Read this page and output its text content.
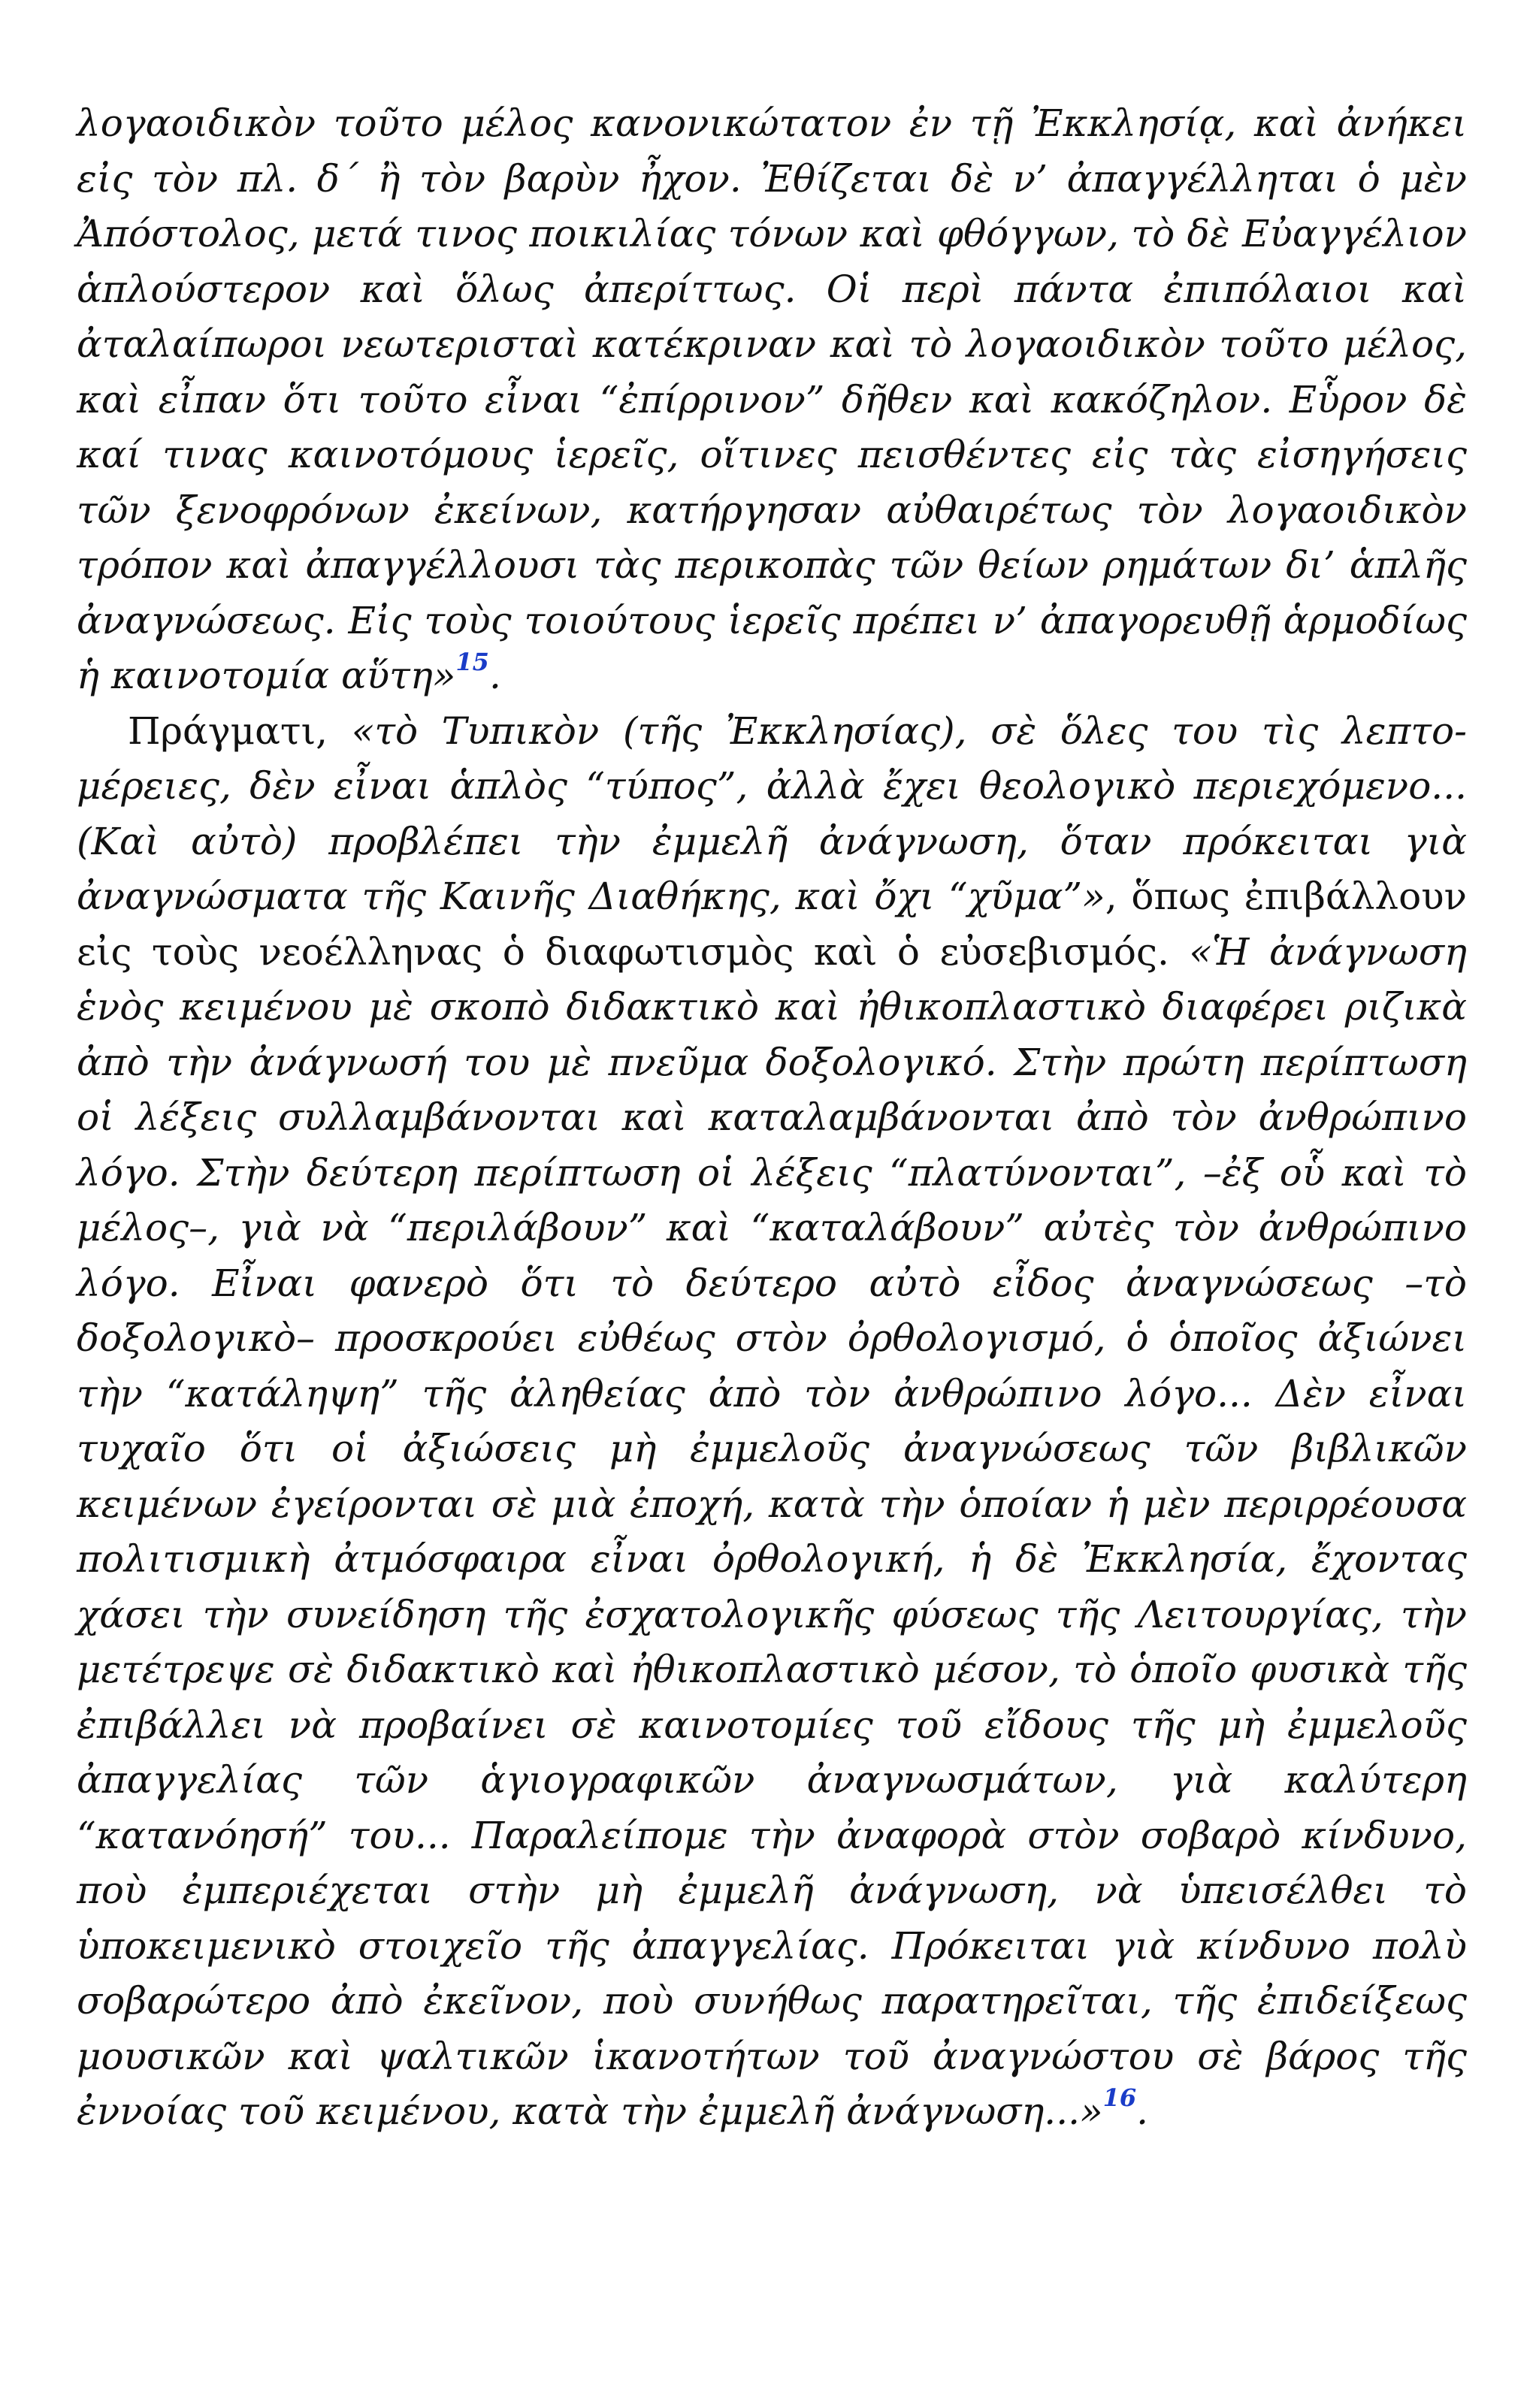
λογαοιδικὸν τοῦτο μέλος κανονικώτατον ἐν τῇ Ἐκκλησίᾳ, καὶ ἀνήκει εἰς τὸν πλ. δ΄ ἢ τὸν βαρὺν ἦχον. Ἐθίζεται δὲ ν’ ἀπαγγέλληται ὁ μὲν Ἀπόστολος, μετά τινος ποικιλίας τόνων καὶ φθόγγων, τὸ δὲ Εὐαγγέλιον ἁπλούστερον καὶ ὅλως ἀπερίττως. Οἱ περὶ πάντα ἐπιπόλαιοι καὶ ἀταλαίπωροι νεωτερισταὶ κατέκριναν καὶ τὸ λογαοιδικὸν τοῦτο μέλος, καὶ εἶπαν ὅτι τοῦτο εἶναι “ἐπίρρινον” δῆθεν καὶ κακόζηλον. Εὗρον δὲ καί τινας καινοτόμους ἱερεῖς, οἵτινες πεισθέντες εἰς τὰς εἰσηγήσεις τῶν ξενοφρόνων ἐκείνων, κατήργησαν αὐθαιρέτως τὸν λογαοιδικὸν τρόπον καὶ ἀπαγγέλλουσι τὰς περικοπὰς τῶν θείων ρημάτων δι’ ἁπλῆς ἀναγνώσεως. Εἰς τοὺς τοιούτους ἱερεῖς πρέπει ν’ ἀπαγορευθῇ ἁρμοδίως ἡ καινοτομία αὕτη»$^{15}$.

Πράγματι, «τὸ Τυπικὸν (τῆς Ἐκκλησίας), σὲ ὅλες του τὶς λεπτομέρειες, δὲν εἶναι ἁπλὸς “τύπος”, ἀλλὰ ἔχει θεολογικὸ περιεχόμενο... (Καὶ αὐτὸ) προβλέπει τὴν ἐμμελῆ ἀνάγνωση, ὅταν πρόκειται γιὰ ἀναγνώσματα τῆς Καινῆς Διαθήκης, καὶ ὄχι “χῦμα”», ὅπως ἐπιβάλλουν εἰς τοὺς νεοέλληνας ὁ διαφωτισμὸς καὶ ὁ εὐσεβισμός. «Ἡ ἀνάγνωση ἑνὸς κειμένου μὲ σκοπὸ διδακτικὸ καὶ ἠθικοπλαστικὸ διαφέρει ριζικὰ ἀπὸ τὴν ἀνάγνωσή του μὲ πνεῦμα δοξολογικό. Στὴν πρώτη περίπτωση οἱ λέξεις συλλαμβάνονται καὶ καταλαμβάνονται ἀπὸ τὸν ἀνθρώπινο λόγο. Στὴν δεύτερη περίπτωση οἱ λέξεις “πλατύνονται”, –ἐξ οὗ καὶ τὸ μέλος–, γιὰ νὰ “περιλάβουν” καὶ “καταλάβουν” αὐτὲς τὸν ἀνθρώπινο λόγο. Εἶναι φανερὸ ὅτι τὸ δεύτερο αὐτὸ εἶδος ἀναγνώσεως –τὸ δοξολογικὸ– προσκρούει εὐθέως στὸν ὀρθολογισμό, ὁ ὁποῖος ἀξιώνει τὴν “κατάληψη” τῆς ἀληθείας ἀπὸ τὸν ἀνθρώπινο λόγο... Δὲν εἶναι τυχαῖο ὅτι οἱ ἀξιώσεις μὴ ἐμμελοῦς ἀναγνώσεως τῶν βιβλικῶν κειμένων ἐγείρονται σὲ μιὰ ἐποχή, κατὰ τὴν ὁποίαν ἡ μὲν περιρρέουσα πολιτισμικὴ ἀτμόσφαιρα εἶναι ὀρθολογική, ἡ δὲ Ἐκκλησία, ἔχοντας χάσει τὴν συνείδηση τῆς ἐσχατολογικῆς φύσεως τῆς Λειτουργίας, τὴν μετέτρεψε σὲ διδακτικὸ καὶ ἠθικοπλαστικὸ μέσον, τὸ ὁποῖο φυσικὰ τῆς ἐπιβάλλει νὰ προβαίνει σὲ καινοτομίες τοῦ εἴδους τῆς μὴ ἐμμελοῦς ἀπαγγελίας τῶν ἁγιογραφικῶν ἀναγνωσμάτων, γιὰ καλύτερη “κατανόησή” του... Παραλείπομε τὴν ἀναφορὰ στὸν σοβαρὸ κίνδυνο, ποὺ ἐμπεριέχεται στὴν μὴ ἐμμελῆ ἀνάγνωση, νὰ ὑπεισέλθει τὸ ὑποκειμενικὸ στοιχεῖο τῆς ἀπαγγελίας. Πρόκειται γιὰ κίνδυνο πολὺ σοβαρώτερο ἀπὸ ἐκεῖνον, ποὺ συνήθως παρατηρεῖται, τῆς ἐπιδείξεως μουσικῶν καὶ ψαλτικῶν ἱκανοτήτων τοῦ ἀναγνώστου σὲ βάρος τῆς ἐννοίας τοῦ κειμένου, κατὰ τὴν ἐμμελῆ ἀνάγνωση...»$^{16}$.
